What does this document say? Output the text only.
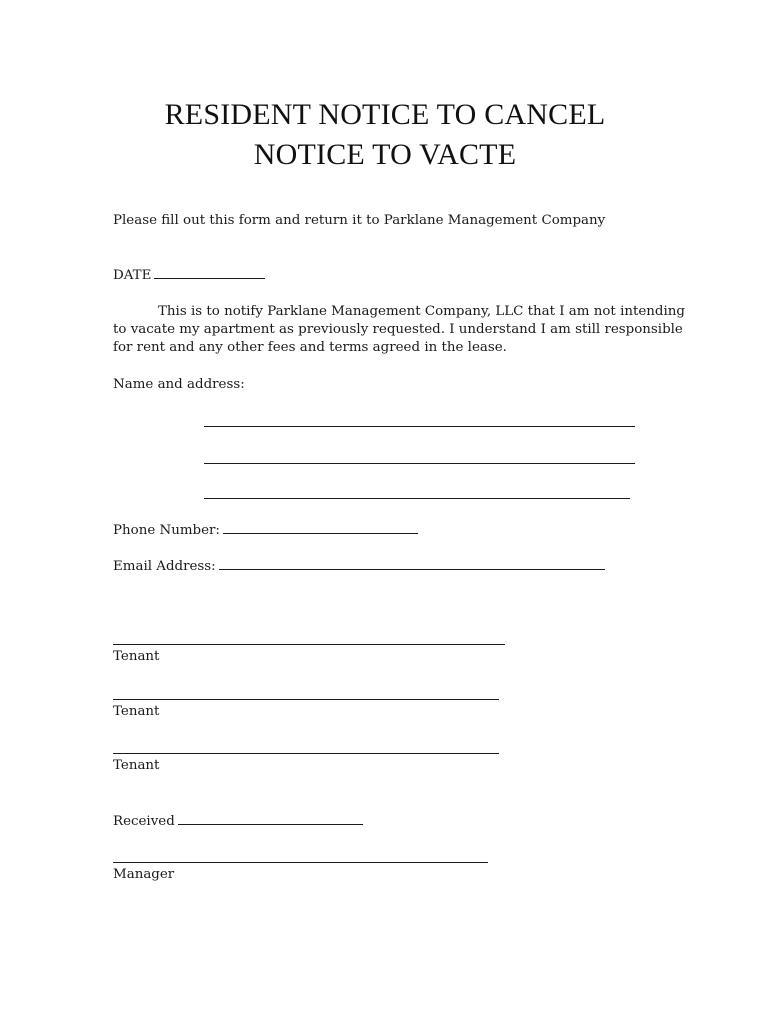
RESIDENT NOTICE TO CANCEL
NOTICE TO VACTE
Please fill out this form and return it to Parklane Management Company
DATE
This is to notify Parklane Management Company, LLC that I am not intending
to vacate my apartment as previously requested. I understand I am still responsible
for rent and any other fees and terms agreed in the lease.
Name and address:
Phone Number:
Email Address:
Tenant
Tenant
Tenant
Received
Manager
